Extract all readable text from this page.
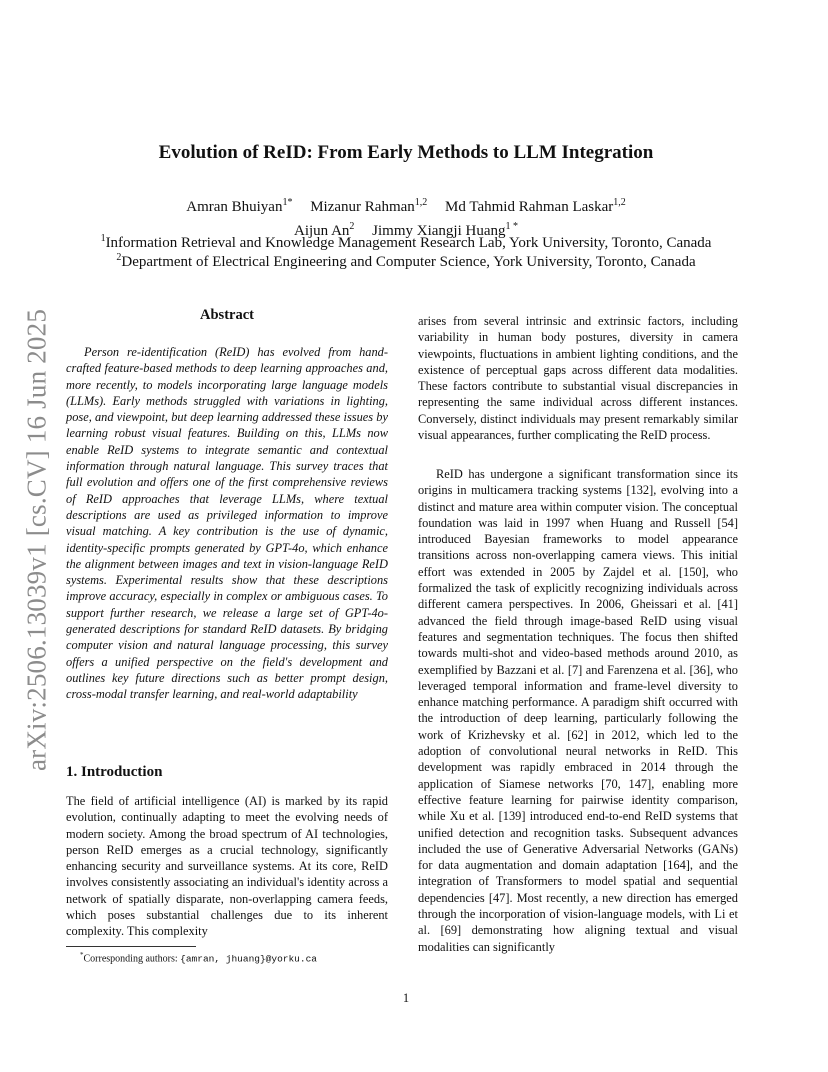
arXiv:2506.13039v1 [cs.CV] 16 Jun 2025
Evolution of ReID: From Early Methods to LLM Integration
Amran Bhuiyan$^{1*}$ Mizanur Rahman$^{1,2}$ Md Tahmid Rahman Laskar$^{1,2}$
Aijun An$^2$ Jimmy Xiangji Huang$^{1 *}$
$^1$Information Retrieval and Knowledge Management Research Lab, York University, Toronto, Canada
$^2$Department of Electrical Engineering and Computer Science, York University, Toronto, Canada
Abstract

Person re-identification (ReID) has evolved from hand-crafted feature-based methods to deep learning approaches and, more recently, to models incorporating large language models (LLMs). Early methods struggled with variations in lighting, pose, and viewpoint, but deep learning addressed these issues by learning robust visual features. Building on this, LLMs now enable ReID systems to integrate semantic and contextual information through natural language. This survey traces that full evolution and offers one of the first comprehensive reviews of ReID approaches that leverage LLMs, where textual descriptions are used as privileged information to improve visual matching. A key contribution is the use of dynamic, identity-specific prompts generated by GPT-4o, which enhance the alignment between images and text in vision-language ReID systems. Experimental results show that these descriptions improve accuracy, especially in complex or ambiguous cases. To support further research, we release a large set of GPT-4o-generated descriptions for standard ReID datasets. By bridging computer vision and natural language processing, this survey offers a unified perspective on the field's development and outlines key future directions such as better prompt design, cross-modal transfer learning, and real-world adaptability

1. Introduction

The field of artificial intelligence (AI) is marked by its rapid evolution, continually adapting to meet the evolving needs of modern society. Among the broad spectrum of AI technologies, person ReID emerges as a crucial technology, significantly enhancing security and surveillance systems. At its core, ReID involves consistently associating an individual's identity across a network of spatially disparate, non-overlapping camera feeds, which poses substantial challenges due to its inherent complexity. This complexity

arises from several intrinsic and extrinsic factors, including variability in human body postures, diversity in camera viewpoints, fluctuations in ambient lighting conditions, and the existence of perceptual gaps across different data modalities. These factors contribute to substantial visual discrepancies in representing the same individual across different instances. Conversely, distinct individuals may present remarkably similar visual appearances, further complicating the ReID process.

ReID has undergone a significant transformation since its origins in multicamera tracking systems [132], evolving into a distinct and mature area within computer vision. The conceptual foundation was laid in 1997 when Huang and Russell [54] introduced Bayesian frameworks to model appearance transitions across non-overlapping camera views. This initial effort was extended in 2005 by Zajdel et al. [150], who formalized the task of explicitly recognizing individuals across different camera perspectives. In 2006, Gheissari et al. [41] advanced the field through image-based ReID using visual features and segmentation techniques. The focus then shifted towards multi-shot and video-based methods around 2010, as exemplified by Bazzani et al. [7] and Farenzena et al. [36], who leveraged temporal information and frame-level diversity to enhance matching performance. A paradigm shift occurred with the introduction of deep learning, particularly following the work of Krizhevsky et al. [62] in 2012, which led to the adoption of convolutional neural networks in ReID. This development was rapidly embraced in 2014 through the application of Siamese networks [70, 147], enabling more effective feature learning for pairwise identity comparison, while Xu et al. [139] introduced end-to-end ReID systems that unified detection and recognition tasks. Subsequent advances included the use of Generative Adversarial Networks (GANs) for data augmentation and domain adaptation [164], and the integration of Transformers to model spatial and sequential dependencies [47]. Most recently, a new direction has emerged through the incorporation of vision-language models, with Li et al. [69] demonstrating how aligning textual and visual modalities can significantly

*Corresponding authors: {amran, jhuang}@yorku.ca
1
